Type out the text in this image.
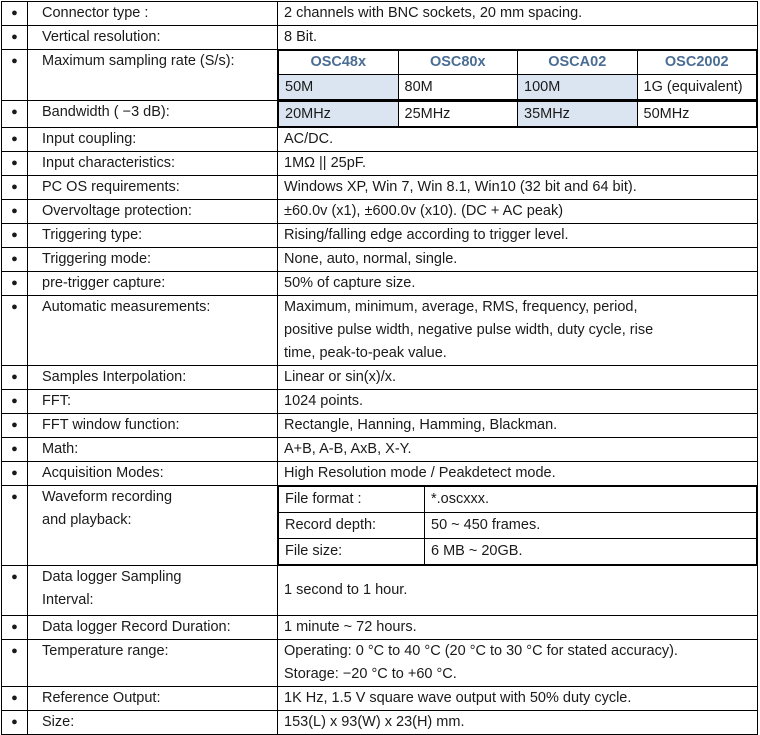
●	Connector type :	2 channels with BNC sockets, 20 mm spacing.
●	Vertical resolution:	8 Bit.
●	Maximum sampling rate (S/s):		OSC48x	OSC80x	OSCA02	OSC2002
50M	80M	100M	1G (equivalent)

●	Bandwidth ( −3 dB):		20MHz	25MHz	35MHz	50MHz

●	Input coupling:	AC/DC.
●	Input characteristics:	1MΩ || 25pF.
●	PC OS requirements:	Windows XP, Win 7, Win 8.1, Win10 (32 bit and 64 bit).
●	Overvoltage protection:	±60.0v (x1), ±600.0v (x10). (DC + AC peak)
●	Triggering type:	Rising/falling edge according to trigger level.
●	Triggering mode:	None, auto, normal, single.
●	pre-trigger capture:	50% of capture size.
●	Automatic measurements:	Maximum, minimum, average, RMS, frequency, period,
positive pulse width, negative pulse width, duty cycle, rise
time, peak-to-peak value.

●	Samples Interpolation:	Linear or sin(x)/x.
●	FFT:	1024 points.
●	FFT window function:	Rectangle, Hanning, Hamming, Blackman.
●	Math:	A+B, A-B, AxB, X-Y.
●	Acquisition Modes:	High Resolution mode / Peakdetect mode.
●	Waveform recording
and playback:

File format :	*.oscxxx.
Record depth:	50 ~ 450 frames.
File size:	6 MB ~ 20GB.

●	Data logger Sampling
Interval:
	1 second to 1 hour.
●	Data logger Record Duration:	1 minute ~ 72 hours.
●	Temperature range:	Operating: 0 °C to 40 °C (20 °C to 30 °C for stated accuracy).
Storage: −20 °C to +60 °C.

●	Reference Output:	1K Hz, 1.5 V square wave output with 50% duty cycle.
●	Size:	153(L) x 93(W) x 23(H) mm.
